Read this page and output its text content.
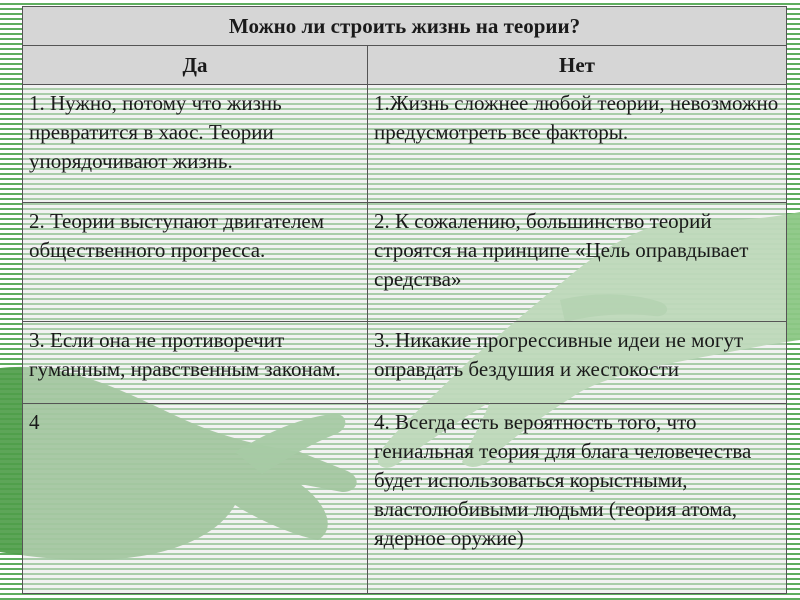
Можно ли строить жизнь на теории?	
Да	Нет
1. Нужно, потому что жизнь превратится в хаос. Теории упорядочивают жизнь.	1.Жизнь сложнее любой теории, невозможно предусмотреть все факторы.
2. Теории выступают двигателем общественного прогресса.	2. К сожалению, большинство теорий строятся на принципе «Цель оправдывает средства»
3. Если она не противоречит гуманным, нравственным законам.	3. Никакие прогрессивные идеи не могут оправдать бездушия и жестокости
4	4. Всегда есть вероятность того, что гениальная теория для блага человечества будет использоваться корыстными, властолюбивыми людьми (теория атома, ядерное оружие)
